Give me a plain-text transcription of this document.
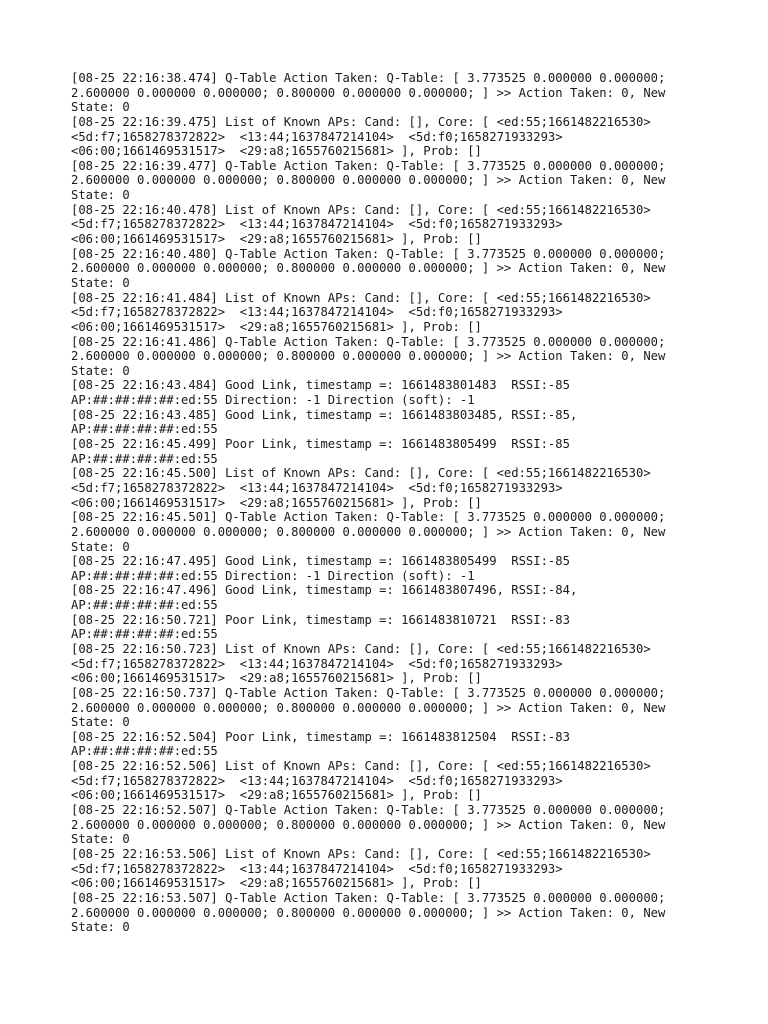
[08-25 22:16:38.474] Q-Table Action Taken: Q-Table: [ 3.773525 0.000000 0.000000;
2.600000 0.000000 0.000000; 0.800000 0.000000 0.000000; ] >> Action Taken: 0, New
State: 0
[08-25 22:16:39.475] List of Known APs: Cand: [], Core: [ <ed:55;1661482216530>
<5d:f7;1658278372822>  <13:44;1637847214104>  <5d:f0;1658271933293>
<06:00;1661469531517>  <29:a8;1655760215681> ], Prob: []
[08-25 22:16:39.477] Q-Table Action Taken: Q-Table: [ 3.773525 0.000000 0.000000;
2.600000 0.000000 0.000000; 0.800000 0.000000 0.000000; ] >> Action Taken: 0, New
State: 0
[08-25 22:16:40.478] List of Known APs: Cand: [], Core: [ <ed:55;1661482216530>
<5d:f7;1658278372822>  <13:44;1637847214104>  <5d:f0;1658271933293>
<06:00;1661469531517>  <29:a8;1655760215681> ], Prob: []
[08-25 22:16:40.480] Q-Table Action Taken: Q-Table: [ 3.773525 0.000000 0.000000;
2.600000 0.000000 0.000000; 0.800000 0.000000 0.000000; ] >> Action Taken: 0, New
State: 0
[08-25 22:16:41.484] List of Known APs: Cand: [], Core: [ <ed:55;1661482216530>
<5d:f7;1658278372822>  <13:44;1637847214104>  <5d:f0;1658271933293>
<06:00;1661469531517>  <29:a8;1655760215681> ], Prob: []
[08-25 22:16:41.486] Q-Table Action Taken: Q-Table: [ 3.773525 0.000000 0.000000;
2.600000 0.000000 0.000000; 0.800000 0.000000 0.000000; ] >> Action Taken: 0, New
State: 0
[08-25 22:16:43.484] Good Link, timestamp =: 1661483801483  RSSI:-85
AP:##:##:##:##:ed:55 Direction: -1 Direction (soft): -1
[08-25 22:16:43.485] Good Link, timestamp =: 1661483803485, RSSI:-85,
AP:##:##:##:##:ed:55
[08-25 22:16:45.499] Poor Link, timestamp =: 1661483805499  RSSI:-85
AP:##:##:##:##:ed:55
[08-25 22:16:45.500] List of Known APs: Cand: [], Core: [ <ed:55;1661482216530>
<5d:f7;1658278372822>  <13:44;1637847214104>  <5d:f0;1658271933293>
<06:00;1661469531517>  <29:a8;1655760215681> ], Prob: []
[08-25 22:16:45.501] Q-Table Action Taken: Q-Table: [ 3.773525 0.000000 0.000000;
2.600000 0.000000 0.000000; 0.800000 0.000000 0.000000; ] >> Action Taken: 0, New
State: 0
[08-25 22:16:47.495] Good Link, timestamp =: 1661483805499  RSSI:-85
AP:##:##:##:##:ed:55 Direction: -1 Direction (soft): -1
[08-25 22:16:47.496] Good Link, timestamp =: 1661483807496, RSSI:-84,
AP:##:##:##:##:ed:55
[08-25 22:16:50.721] Poor Link, timestamp =: 1661483810721  RSSI:-83
AP:##:##:##:##:ed:55
[08-25 22:16:50.723] List of Known APs: Cand: [], Core: [ <ed:55;1661482216530>
<5d:f7;1658278372822>  <13:44;1637847214104>  <5d:f0;1658271933293>
<06:00;1661469531517>  <29:a8;1655760215681> ], Prob: []
[08-25 22:16:50.737] Q-Table Action Taken: Q-Table: [ 3.773525 0.000000 0.000000;
2.600000 0.000000 0.000000; 0.800000 0.000000 0.000000; ] >> Action Taken: 0, New
State: 0
[08-25 22:16:52.504] Poor Link, timestamp =: 1661483812504  RSSI:-83
AP:##:##:##:##:ed:55
[08-25 22:16:52.506] List of Known APs: Cand: [], Core: [ <ed:55;1661482216530>
<5d:f7;1658278372822>  <13:44;1637847214104>  <5d:f0;1658271933293>
<06:00;1661469531517>  <29:a8;1655760215681> ], Prob: []
[08-25 22:16:52.507] Q-Table Action Taken: Q-Table: [ 3.773525 0.000000 0.000000;
2.600000 0.000000 0.000000; 0.800000 0.000000 0.000000; ] >> Action Taken: 0, New
State: 0
[08-25 22:16:53.506] List of Known APs: Cand: [], Core: [ <ed:55;1661482216530>
<5d:f7;1658278372822>  <13:44;1637847214104>  <5d:f0;1658271933293>
<06:00;1661469531517>  <29:a8;1655760215681> ], Prob: []
[08-25 22:16:53.507] Q-Table Action Taken: Q-Table: [ 3.773525 0.000000 0.000000;
2.600000 0.000000 0.000000; 0.800000 0.000000 0.000000; ] >> Action Taken: 0, New
State: 0
